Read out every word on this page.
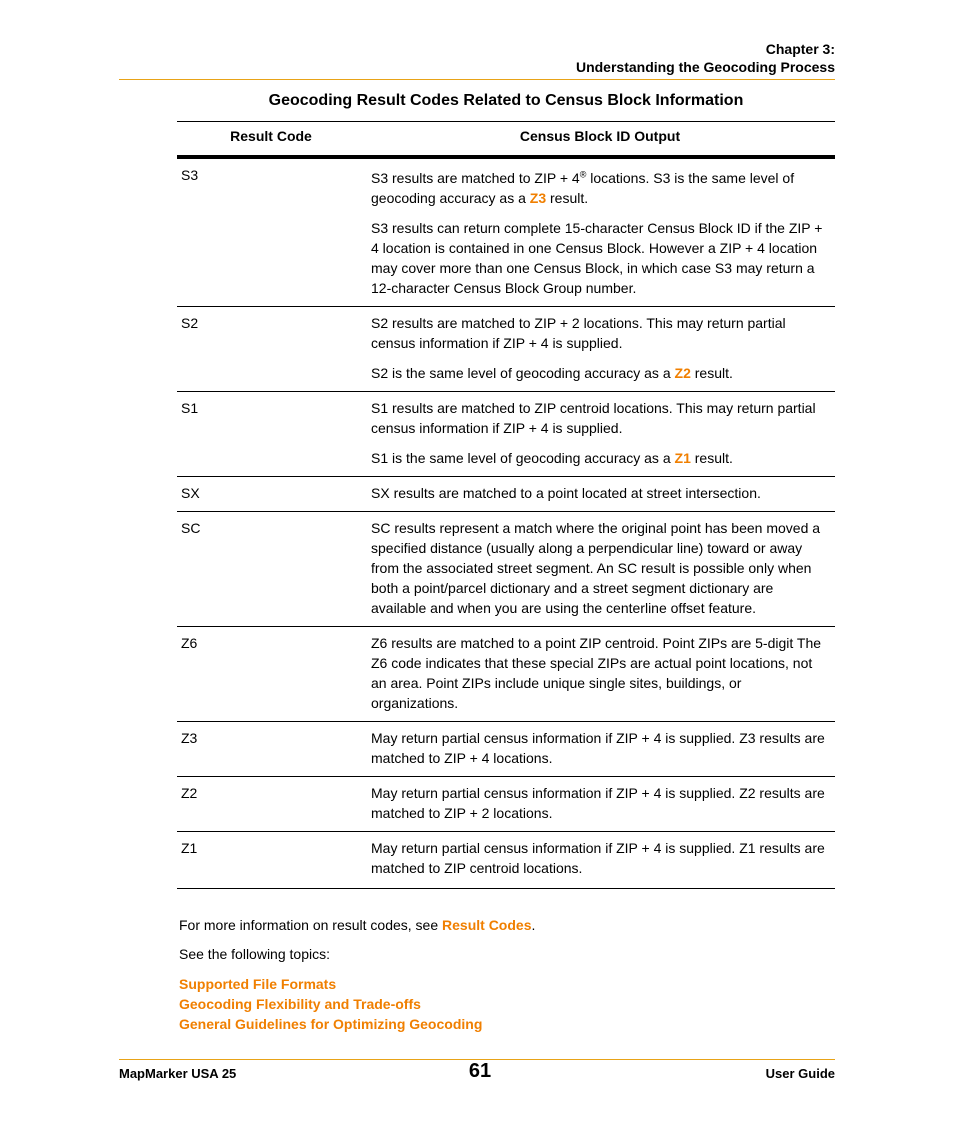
Chapter 3:
Understanding the Geocoding Process
Geocoding Result Codes Related to Census Block Information
Result Code	Census Block ID Output
S3	S3 results are matched to ZIP + 4® locations. S3 is the same level of geocoding accuracy as a Z3 result.

S3 results can return complete 15-character Census Block ID if the ZIP + 4 location is contained in one Census Block. However a ZIP + 4 location may cover more than one Census Block, in which case S3 may return a 12-character Census Block Group number.

S2	S2 results are matched to ZIP + 2 locations. This may return partial census information if ZIP + 4 is supplied.

S2 is the same level of geocoding accuracy as a Z2 result.

S1	S1 results are matched to ZIP centroid locations. This may return partial census information if ZIP + 4 is supplied.

S1 is the same level of geocoding accuracy as a Z1 result.

SX	SX results are matched to a point located at street intersection.

SC	SC results represent a match where the original point has been moved a specified distance (usually along a perpendicular line) toward or away from the associated street segment. An SC result is possible only when both a point/parcel dictionary and a street segment dictionary are available and when you are using the centerline offset feature.

Z6	Z6 results are matched to a point ZIP centroid. Point ZIPs are 5-digit The Z6 code indicates that these special ZIPs are actual point locations, not an area. Point ZIPs include unique single sites, buildings, or organizations.

Z3	May return partial census information if ZIP + 4 is supplied. Z3 results are matched to ZIP + 4 locations.

Z2	May return partial census information if ZIP + 4 is supplied. Z2 results are matched to ZIP + 2 locations.

Z1	May return partial census information if ZIP + 4 is supplied. Z1 results are matched to ZIP centroid locations.

For more information on result codes, see Result Codes.
See the following topics:
Supported File Formats
Geocoding Flexibility and Trade-offs
General Guidelines for Optimizing Geocoding
MapMarker USA 25	61	User Guide
